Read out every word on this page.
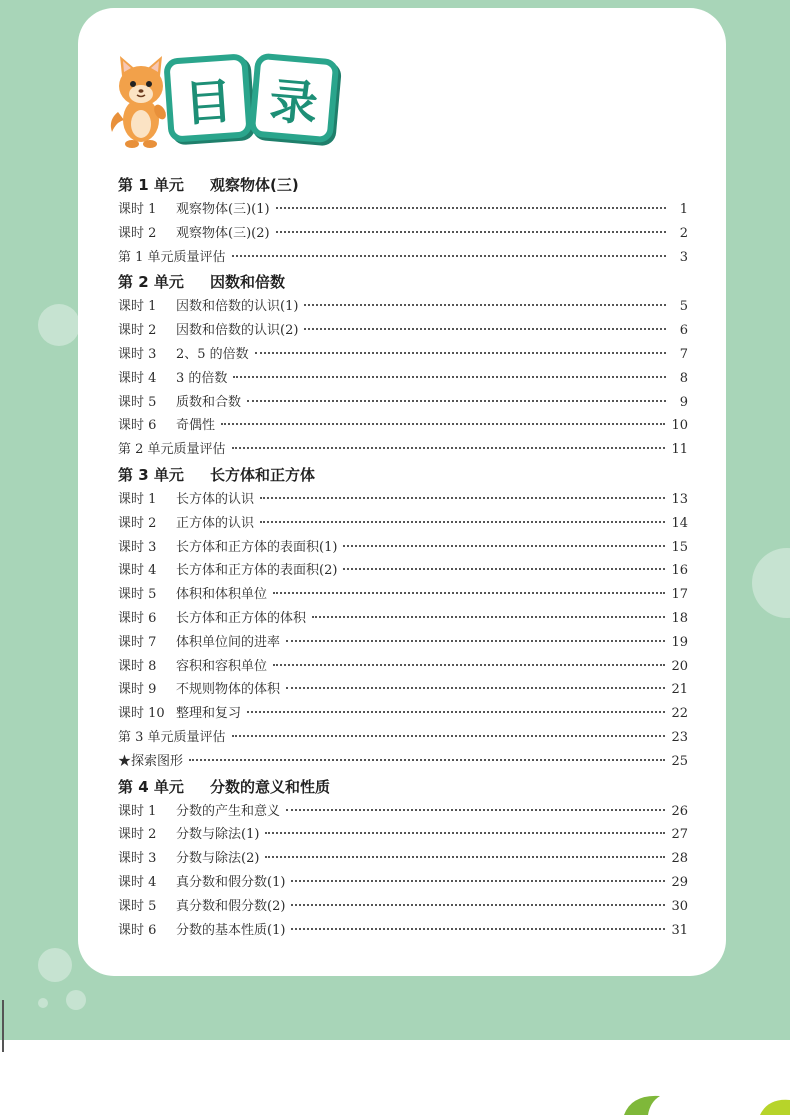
目 录
第 1 单元	观察物体(三)
课时 1	观察物体(三)(1)	1
课时 2	观察物体(三)(2)	2
第 1 单元质量评估	3
第 2 单元	因数和倍数
课时 1	因数和倍数的认识(1)	5
课时 2	因数和倍数的认识(2)	6
课时 3	2、5 的倍数	7
课时 4	3 的倍数	8
课时 5	质数和合数	9
课时 6	奇偶性	10
第 2 单元质量评估	11
第 3 单元	长方体和正方体
课时 1	长方体的认识	13
课时 2	正方体的认识	14
课时 3	长方体和正方体的表面积(1)	15
课时 4	长方体和正方体的表面积(2)	16
课时 5	体积和体积单位	17
课时 6	长方体和正方体的体积	18
课时 7	体积单位间的进率	19
课时 8	容积和容积单位	20
课时 9	不规则物体的体积	21
课时 10 整理和复习	22
第 3 单元质量评估	23
★探索图形	25
第 4 单元	分数的意义和性质
课时 1	分数的产生和意义	26
课时 2	分数与除法(1)	27
课时 3	分数与除法(2)	28
课时 4	真分数和假分数(1)	29
课时 5	真分数和假分数(2)	30
课时 6	分数的基本性质(1)	31
